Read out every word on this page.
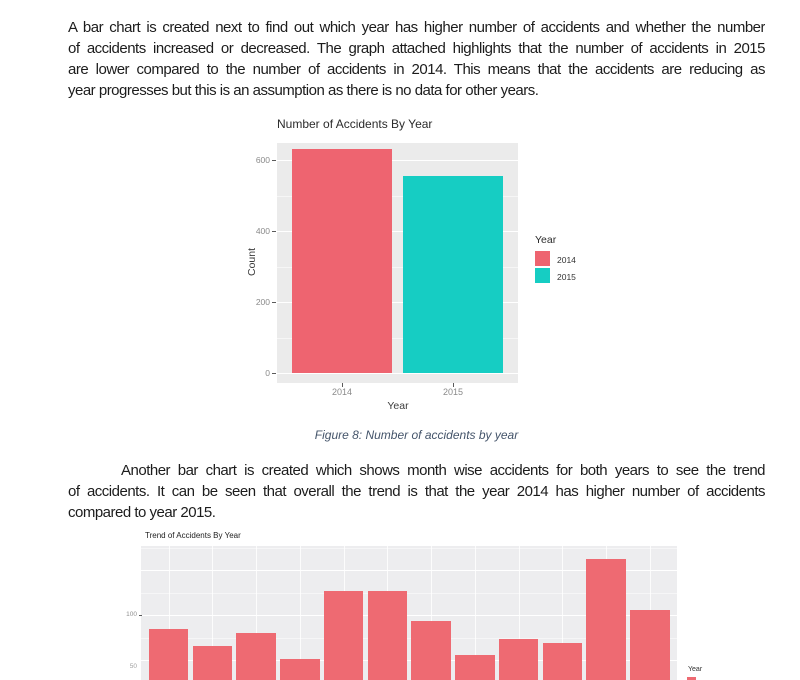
A bar chart is created next to find out which year has higher number of accidents and whether the number
of accidents increased or decreased. The graph attached highlights that the number of accidents in 2015
are lower compared to the number of accidents in 2014. This means that the accidents are reducing as
year progresses but this is an assumption as there is no data for other years.
Number of Accidents By Year
Count
Year
Year
2014
2015
Figure 8: Number of accidents by year
Another bar chart is created which shows month wise accidents for both years to see the trend
of accidents. It can be seen that overall the trend is that the year 2014 has higher number of accidents
compared to year 2015.
Trend of Accidents By Year
100
50	Year
0
200
400
600
2014	2015
